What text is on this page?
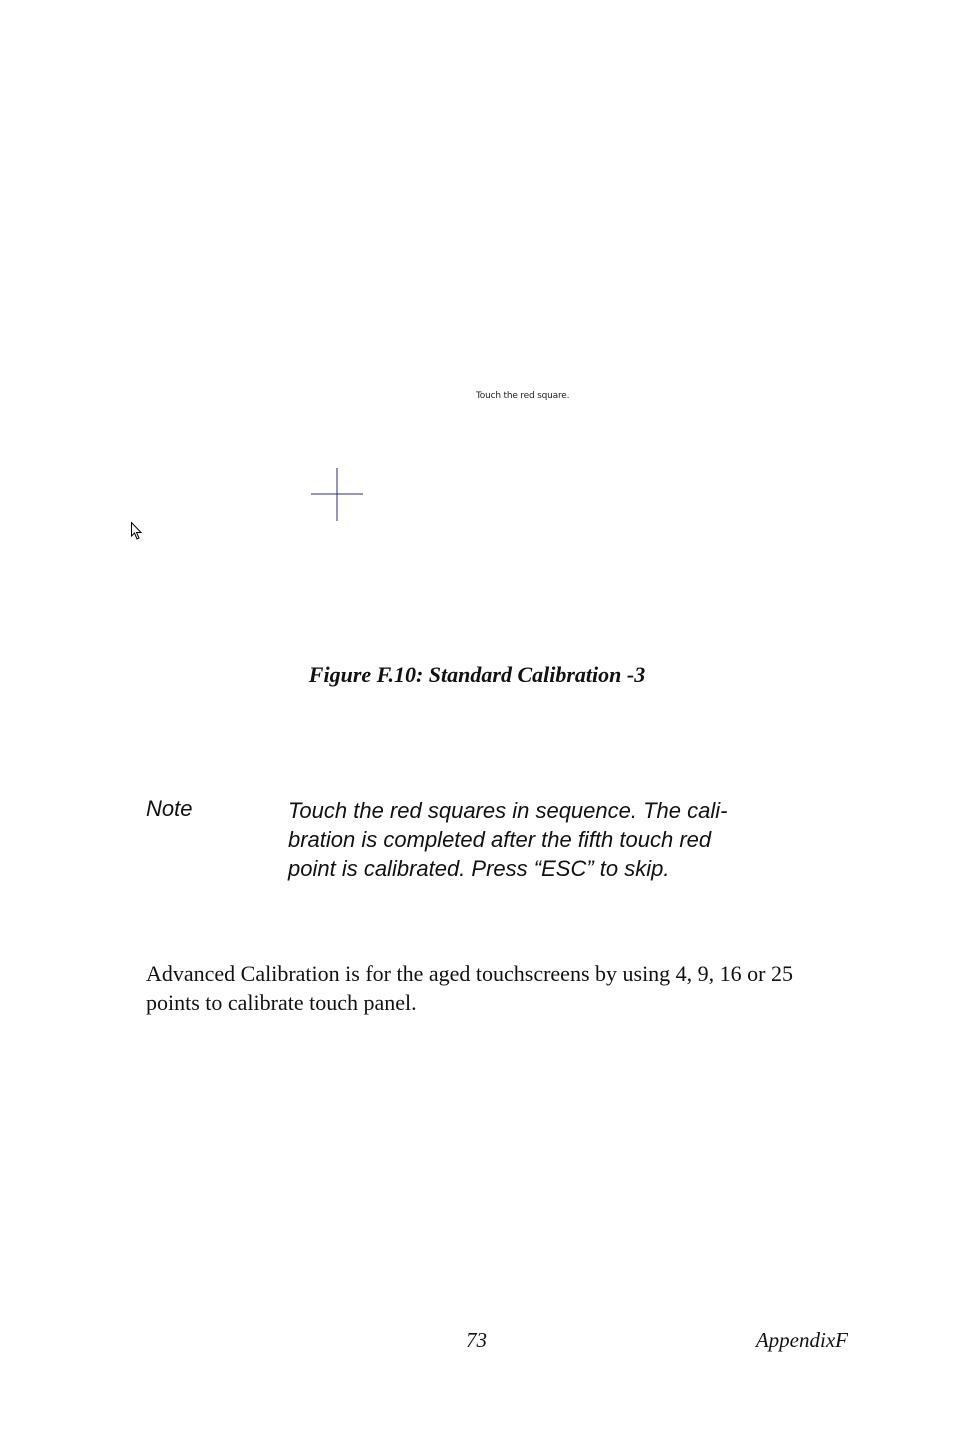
Touch the red square.
Figure F.10: Standard Calibration -3
Note	Touch the red squares in sequence. The cali-
bration is completed after the fifth touch red
point is calibrated. Press “ESC” to skip.
Advanced Calibration is for the aged touchscreens by using 4, 9, 16 or 25
points to calibrate touch panel.
73	AppendixF
